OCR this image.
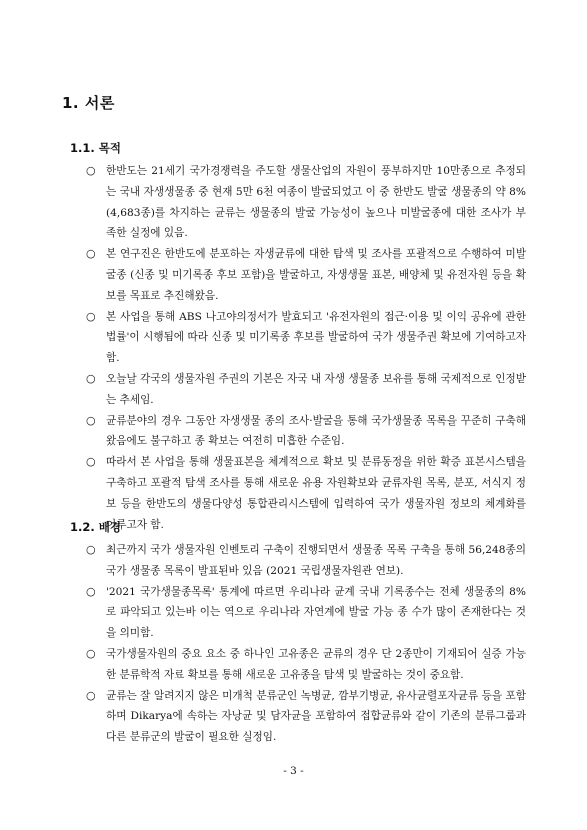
1. 서론
1.1. 목적
○ 한반도는 21세기 국가경쟁력을 주도할 생물산업의 자원이 풍부하지만 10만종으로 추정되는 국내 자생생물종 중 현재 5만 6천 여종이 발굴되었고 이 중 한반도 발굴 생물종의 약 8% (4,683종)를 차지하는 균류는 생물종의 발굴 가능성이 높으나 미발굴종에 대한 조사가 부족한 실정에 있음.
○ 본 연구진은 한반도에 분포하는 자생균류에 대한 탐색 및 조사를 포괄적으로 수행하여 미발굴종 (신종 및 미기록종 후보 포함)을 발굴하고, 자생생물 표본, 배양체 및 유전자원 등을 확보를 목표로 추진해왔음.
○ 본 사업을 통해 ABS 나고야의정서가 발효되고 '유전자원의 접근·이용 및 이익 공유에 관한 법률'이 시행됨에 따라 신종 및 미기록종 후보를 발굴하여 국가 생물주권 확보에 기여하고자 함.
○ 오늘날 각국의 생물자원 주권의 기본은 자국 내 자생 생물종 보유를 통해 국제적으로 인정받는 추세임.
○ 균류분야의 경우 그동안 자생생물 종의 조사·발굴을 통해 국가생물종 목록을 꾸준히 구축해왔음에도 불구하고 종 확보는 여전히 미흡한 수준임.
○ 따라서 본 사업을 통해 생물표본을 체계적으로 확보 및 분류동정을 위한 확증 표본시스템을 구축하고 포괄적 탐색 조사를 통해 새로운 유용 자원확보와 균류자원 목록, 분포, 서식지 정보 등을 한반도의 생물다양성 통합관리시스템에 입력하여 국가 생물자원 정보의 체계화를 이루고자 함.
1.2. 배경
○ 최근까지 국가 생물자원 인벤토리 구축이 진행되면서 생물종 목록 구축을 통해 56,248종의 국가 생물종 목록이 발표된바 있음 (2021 국립생물자원관 연보).
○ '2021 국가생물종목록' 통계에 따르면 우리나라 균계 국내 기록종수는 전체 생물종의 8%로 파악되고 있는바 이는 역으로 우리나라 자연계에 발굴 가능 종 수가 많이 존재한다는 것을 의미함.
○ 국가생물자원의 중요 요소 중 하나인 고유종은 균류의 경우 단 2종만이 기재되어 실증 가능한 분류학적 자료 확보를 통해 새로운 고유종을 탐색 및 발굴하는 것이 중요함.
○ 균류는 잘 알려지지 않은 미개척 분류군인 녹병균, 깜부기병균, 유사균렬포자균류 등을 포함하며 Dikarya에 속하는 자낭균 및 담자균을 포함하여 접합균류와 같이 기존의 분류그룹과 다른 분류군의 발굴이 필요한 실정임.
- 3 -
